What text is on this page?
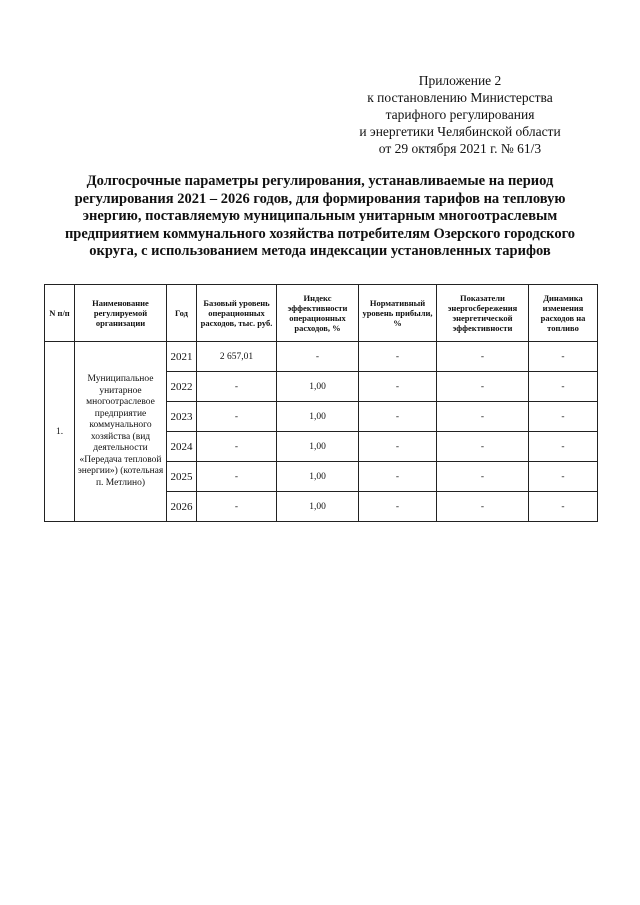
Приложение 2
к постановлению Министерства
тарифного регулирования
и энергетики Челябинской области
от 29 октября 2021 г. № 61/3
Долгосрочные параметры регулирования, устанавливаемые на период
регулирования 2021 – 2026 годов, для формирования тарифов на тепловую
энергию, поставляемую муниципальным унитарным многоотраслевым
предприятием коммунального хозяйства потребителям Озерского городского
округа, с использованием метода индексации установленных тарифов
N п/п	Наименование регулируемой организации	Год	Базовый уровень операционных расходов, тыс. руб.	Индекс эффективности операционных расходов, %	Нормативный уровень прибыли, %	Показатели энергосбережения энергетической эффективности	Динамика изменения расходов на топливо
1.	Муниципальное унитарное многоотраслевое предприятие коммунального хозяйства (вид деятельности «Передача тепловой энергии») (котельная п. Метлино)	2021	2 657,01	-	-	-	-
		2022	-	1,00	-	-	-
		2023	-	1,00	-	-	-
		2024	-	1,00	-	-	-
		2025	-	1,00	-	-	-
		2026	-	1,00	-	-	-
